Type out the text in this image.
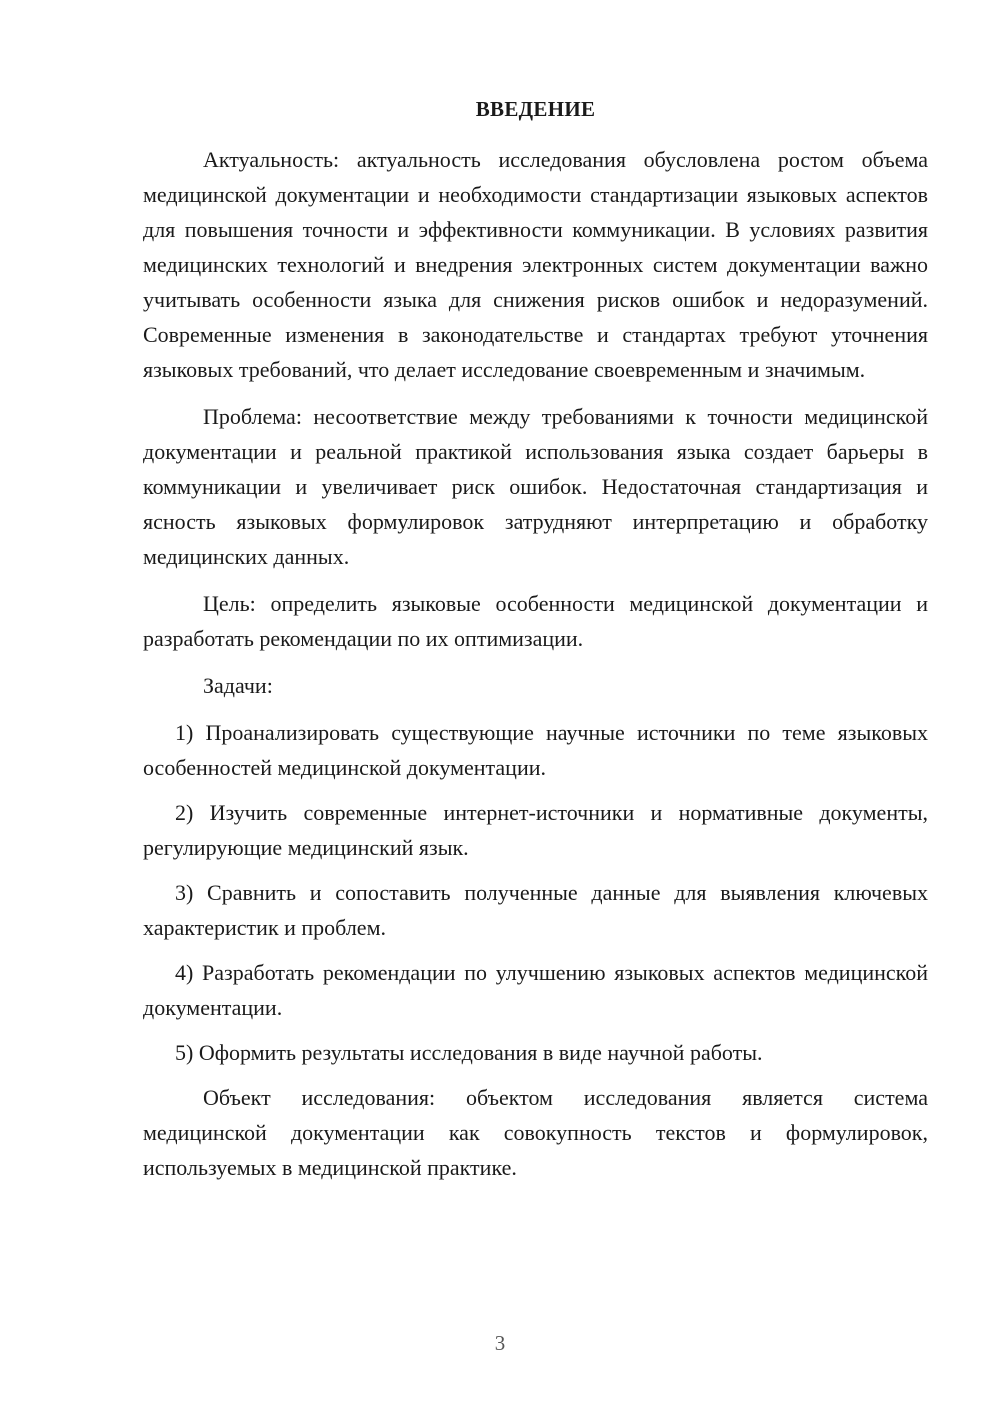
ВВЕДЕНИЕ

Актуальность: актуальность исследования обусловлена ростом объема медицинской документации и необходимости стандартизации языковых аспектов для повышения точности и эффективности коммуникации. В условиях развития медицинских технологий и внедрения электронных систем документации важно учитывать особенности языка для снижения рисков ошибок и недоразумений. Современные изменения в законодательстве и стандартах требуют уточнения языковых требований, что делает исследование своевременным и значимым.

Проблема: несоответствие между требованиями к точности медицинской документации и реальной практикой использования языка создает барьеры в коммуникации и увеличивает риск ошибок. Недостаточная стандартизация и ясность языковых формулировок затрудняют интерпретацию и обработку медицинских данных.

Цель: определить языковые особенности медицинской документации и разработать рекомендации по их оптимизации.

Задачи:

1) Проанализировать существующие научные источники по теме языковых особенностей медицинской документации.

2) Изучить современные интернет-источники и нормативные документы, регулирующие медицинский язык.

3) Сравнить и сопоставить полученные данные для выявления ключевых характеристик и проблем.

4) Разработать рекомендации по улучшению языковых аспектов медицинской документации.

5) Оформить результаты исследования в виде научной работы.

Объект исследования: объектом исследования является система медицинской документации как совокупность текстов и формулировок, используемых в медицинской практике.

3
